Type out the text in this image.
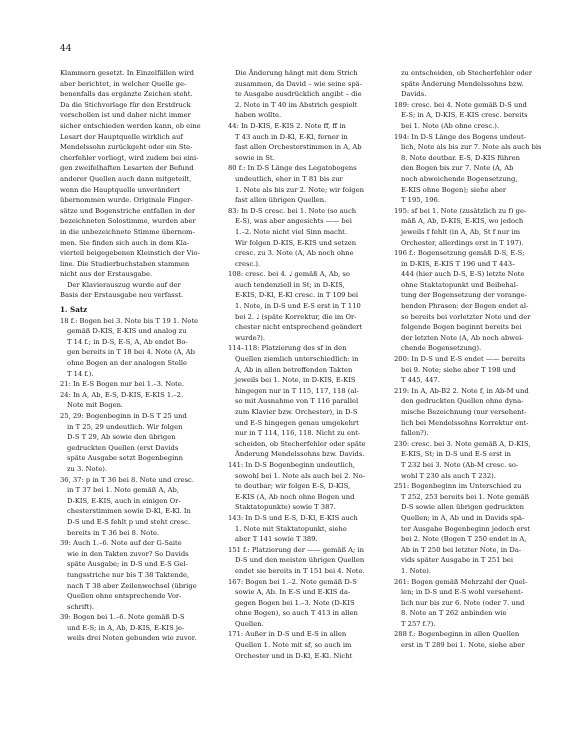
44
Klammern gesetzt. In Einzelfällen wird
aber berichtet, in welcher Quelle ge-
benenfalls das ergänzte Zeichen steht.
Da die Stichvorlage für den Erstdruck
verschollen ist und daher nicht immer
sicher entschieden werden kann, ob eine
Lesart der Hauptquelle wirklich auf
Mendelssohn zurückgeht oder ein Ste-
cherfehler vorliegt, wird zudem bei eini-
gen zweifelhaften Lesarten der Befund
anderer Quellen auch dann mitgeteilt,
wenn die Hauptquelle unverändert
übernommen wurde. Originale Finger-
sätze und Bogenstriche entfallen in der
bezeichneten Solostimme, wurden aber
in die unbezeichnete Stimme übernom-
men. Sie finden sich auch in dem Kla-
vierteil beigegebenen Kleinstich der Vio-
line. Die Studierbuchstaben stammen
nicht aus der Erstausgabe.
Der Klavierauszug wurde auf der
Basis der Erstausgabe neu verfasst.
1. Satz
18 f.: Bogen bei 3. Note bis T 19 1. Note
gemäß D-KIS, E-KIS und analog zu
T 14 f.; in D-S, E-S, A, Ab endet Bo-
gen bereits in T 18 bei 4. Note (A, Ab
ohne Bogen an der analogen Stelle
T 14 f.).
21: In E-S Bogen nur bei 1.–3. Note.
24: In A, Ab, E-S, D-KIS, E-KIS 1.–2.
Note mit Bogen.
25, 29: Bogenbeginn in D-S T 25 und
in T 25, 29 undeutlich. Wir folgen
D-S T 29, Ab sowie den übrigen
gedruckten Quellen (erst Davids
späte Ausgabe setzt Bogenbeginn
zu 3. Note).
36, 37: p in T 36 bei 8. Note und cresc.
in T 37 bei 1. Note gemäß A, Ab,
D-KIS, E-KIS, auch in einigen Or-
chesterstimmen sowie D-Kl, E-Kl. In
D-S und E-S fehlt p und steht cresc.
bereits in T 36 bei 8. Note.
39: Auch 1.–6. Note auf der G-Saite
wie in den Takten zuvor? So Davids
späte Ausgabe; in D-S und E-S Gel-
tungsstriche nur bis T 38 Taktende,
nach T 38 aber Zeilenwechsel (übrige
Quellen ohne entsprechende Vor-
schrift).
39: Bogen bei 1.–6. Note gemäß D-S
und E-S; in A, Ab, D-KIS, E-KIS je-
weils drei Noten gebunden wie zuvor.
Die Änderung hängt mit dem Strich
zusammen, da David – wie seine spä-
te Ausgabe ausdrücklich angibt – die
2. Note in T 40 im Abstrich gespielt
haben wollte.
44: In D-KIS, E-KIS 2. Note ff, ff in
T 43 auch in D-Kl, E-Kl, ferner in
fast allen Orchesterstimmen in A, Ab
sowie in St.
80 f.: In D-S Länge des Legatobogens
undeutlich, eher in T 81 bis zur
1. Note als bis zur 2. Note; wir folgen
fast allen übrigen Quellen.
83: In D-S cresc. bei 1. Note (so auch
E-S), was aber angesichts —— bei
1.–2. Note nicht viel Sinn macht.
Wir folgen D-KIS, E-KIS und setzen
cresc. zu 3. Note (A, Ab noch ohne
cresc.).
108: cresc. bei 4. ♩ gemäß A, Ab, so
auch tendenziell in St; in D-KIS,
E-KIS, D-Kl, E-Kl cresc. in T 109 bei
1. Note, in D-S und E-S erst in T 110
bei 2. ♩ (späte Korrektur, die im Or-
chester nicht entsprechend geändert
wurde?).
114–118: Platzierung des sf in den
Quellen ziemlich unterschiedlich: in
A, Ab in allen betreffenden Takten
jeweils bei 1. Note, in D-KIS, E-KIS
hingegen nur in T 115, 117, 118 (al-
so mit Ausnahme von T 116 parallel
zum Klavier bzw. Orchester), in D-S
und E-S hingegen genau umgekehrt
nur in T 114, 116, 118. Nicht zu ent-
scheiden, ob Stecherfehler oder späte
Änderung Mendelssohns bzw. Davids.
141: In D-S Bogenbeginn undeutlich,
sowohl bei 1. Note als auch bei 2. No-
te deutbar; wir folgen E-S, D-KIS,
E-KIS (A, Ab noch ohne Bogen und
Staktatopunkte) sowie T 387.
143: In D-S und E-S, D-Kl, E-KIS auch
1. Note mit Staktatopunkt, siehe
aber T 141 sowie T 389.
151 f.: Platzierung der —— gemäß A; in
D-S und den meisten übrigen Quellen
endet sie bereits in T 151 bei 4. Note.
167: Bogen bei 1.–2. Note gemäß D-S
sowie A, Ab. In E-S und E-KIS da-
gegen Bogen bei 1.–3. Note (D-KIS
ohne Bogen), so auch T 413 in allen
Quellen.
171: Außer in D-S und E-S in allen
Quellen 1. Note mit sf, so auch im
Orchester und in D-Kl, E-Kl. Nicht
zu entscheiden, ob Stecherfehler oder
späte Änderung Mendelssohns bzw.
Davids.
189: cresc. bei 4. Note gemäß D-S und
E-S; in A, D-KIS, E-KIS cresc. bereits
bei 1. Note (Ab ohne cresc.).
194: In D-S Länge des Bogens undeut-
lich, Note als bis zur 7. Note als auch bis
8. Note deutbar. E-S, D-KIS führen
den Bogen bis zur 7. Note (A, Ab
noch abweichende Bogensetzung,
E-KIS ohne Bogen); siehe aber
T 195, 196.
195: sf bei 1. Note (zusätzlich zu f) ge-
mäß A, Ab, D-KIS, E-KIS, wo jedoch
jeweils f fehlt (in A, Ab, St f nur im
Orchester, allerdings erst in T 197).
196 f.: Bogensetzung gemäß D-S, E-S;
in D-KIS, E-KIS T 196 und T 443–
444 (hier auch D-S, E-S) letzte Note
ohne Staktatopunkt und Beibehal-
tung der Bogensetzung der vorange-
henden Phrasen: der Bogen endet al-
so bereits bei vorletzter Note und der
folgende Bogen beginnt bereits bei
der letzten Note (A, Ab noch abwei-
chende Bogensetzung).
200: In D-S und E-S endet —— bereits
bei 9. Note; siehe aber T 198 und
T 445, 447.
219: In A, Ab-B2 2. Note f, in Ab-M und
den gedruckten Quellen ohne dyna-
mische Bezeichnung (nur versehent-
lich bei Mendelssohns Korrektur ent-
fallen?).
230: cresc. bei 3. Note gemäß A, D-KIS,
E-KIS, St; in D-S und E-S erst in
T 232 bei 3. Note (Ab-M cresc. so-
wohl T 230 als auch T 232).
251: Bogenbeginn im Unterschied zu
T 252, 253 bereits bei 1. Note gemäß
D-S sowie allen übrigen gedruckten
Quellen; in A, Ab und in Davids spä-
ter Ausgabe Bogenbeginn jedoch erst
bei 2. Note (Bogen T 250 endet in A,
Ab in T 250 bei letzter Note, in Da-
vids später Ausgabe in T 251 bei
1. Note).
261: Bogen gemäß Mehrzahl der Quel-
len; in D-S und E-S wohl versehent-
lich nur bis zur 6. Note (oder 7. und
8. Note an T 262 anbinden wie
T 257 f.?).
288 f.: Bogenbeginn in allen Quellen
erst in T 289 bei 1. Note, siehe aber
